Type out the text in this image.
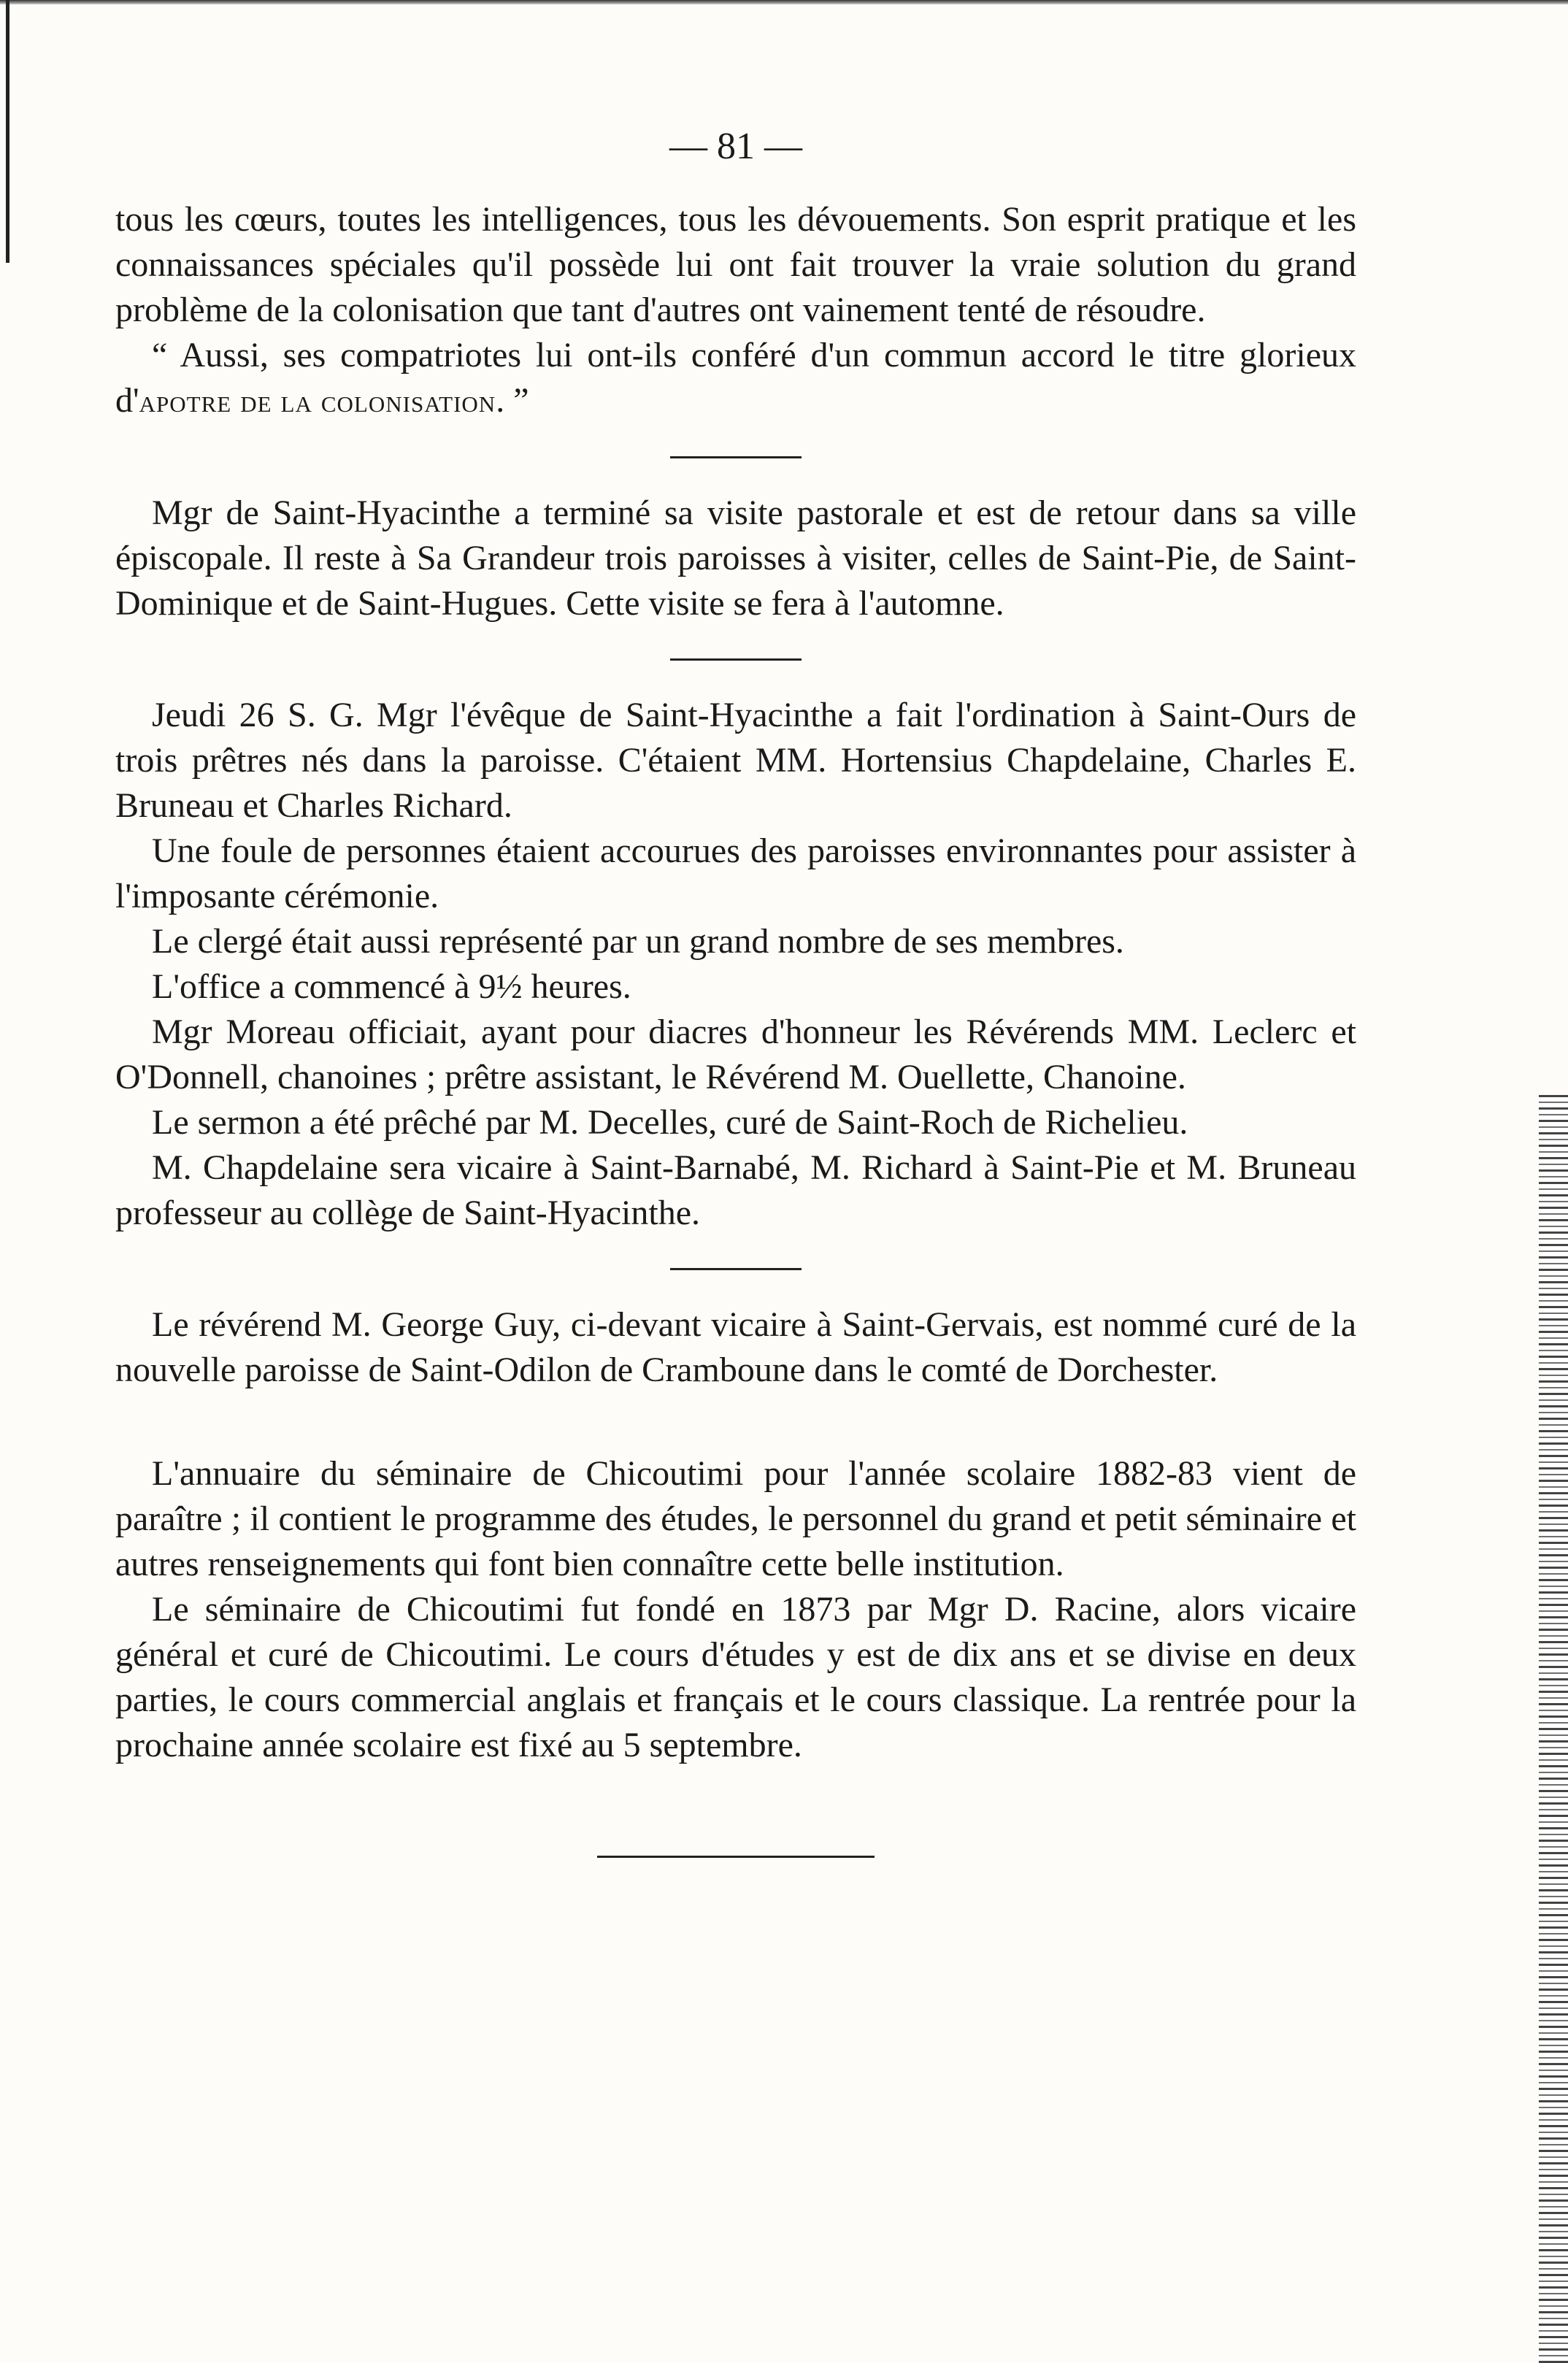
— 81 —

tous les cœurs, toutes les intelligences, tous les dévouements. Son esprit pratique et les connaissances spéciales qu'il possède lui ont fait trouver la vraie solution du grand problème de la colonisation que tant d'autres ont vainement tenté de résoudre.

“ Aussi, ses compatriotes lui ont-ils conféré d'un commun accord le titre glorieux d'apotre de la colonisation. ”

Mgr de Saint-Hyacinthe a terminé sa visite pastorale et est de retour dans sa ville épiscopale. Il reste à Sa Grandeur trois paroisses à visiter, celles de Saint-Pie, de Saint-Dominique et de Saint-Hugues. Cette visite se fera à l'automne.

Jeudi 26 S. G. Mgr l'évêque de Saint-Hyacinthe a fait l'ordination à Saint-Ours de trois prêtres nés dans la paroisse. C'étaient MM. Hortensius Chapdelaine, Charles E. Bruneau et Charles Richard.

Une foule de personnes étaient accourues des paroisses environnantes pour assister à l'imposante cérémonie.

Le clergé était aussi représenté par un grand nombre de ses membres.

L'office a commencé à 9½ heures.

Mgr Moreau officiait, ayant pour diacres d'honneur les Révérends MM. Leclerc et O'Donnell, chanoines ; prêtre assistant, le Révérend M. Ouellette, Chanoine.

Le sermon a été prêché par M. Decelles, curé de Saint-Roch de Richelieu.

M. Chapdelaine sera vicaire à Saint-Barnabé, M. Richard à Saint-Pie et M. Bruneau professeur au collège de Saint-Hyacinthe.

Le révérend M. George Guy, ci-devant vicaire à Saint-Gervais, est nommé curé de la nouvelle paroisse de Saint-Odilon de Cramboune dans le comté de Dorchester.

L'annuaire du séminaire de Chicoutimi pour l'année scolaire 1882-83 vient de paraître ; il contient le programme des études, le personnel du grand et petit séminaire et autres renseignements qui font bien connaître cette belle institution.

Le séminaire de Chicoutimi fut fondé en 1873 par Mgr D. Racine, alors vicaire général et curé de Chicoutimi. Le cours d'études y est de dix ans et se divise en deux parties, le cours commercial anglais et français et le cours classique. La rentrée pour la prochaine année scolaire est fixé au 5 septembre.
